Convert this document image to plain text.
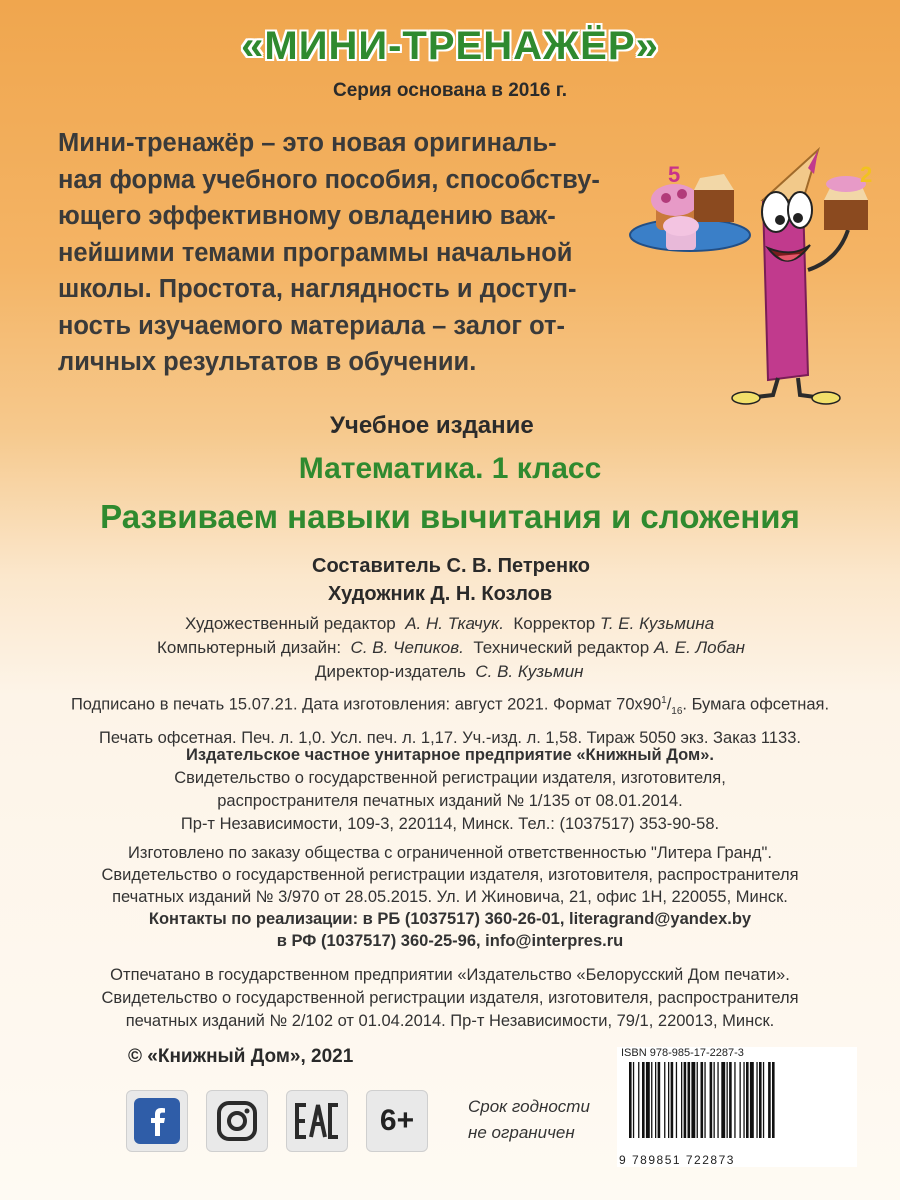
«МИНИ-ТРЕНАЖЁР»
Серия основана в 2016 г.
Мини-тренажёр – это новая оригиналь-
ная форма учебного пособия, способству-
ющего эффективному овладению важ-
нейшими темами программы начальной
школы. Простота, наглядность и доступ-
ность изучаемого материала – залог от-
личных результатов в обучении.
5	2
Учебное издание
Математика. 1 класс
Развиваем навыки вычитания и сложения
Составитель С. В. Петренко
Художник Д. Н. Козлов
Художественный редактор А. Н. Ткачук. Корректор Т. Е. Кузьмина
Компьютерный дизайн: С. В. Чепиков. Технический редактор А. Е. Лобан
Директор-издатель С. В. Кузьмин
Подписано в печать 15.07.21. Дата изготовления: август 2021. Формат $70х90^1/_{16}$. Бумага офсетная.
Печать офсетная. Печ. л. 1,0. Усл. печ. л. 1,17. Уч.-изд. л. 1,58. Тираж 5050 экз. Заказ 1133.
Издательское частное унитарное предприятие «Книжный Дом».
Свидетельство о государственной регистрации издателя, изготовителя,
распространителя печатных изданий № 1/135 от 08.01.2014.
Пр-т Независимости, 109-3, 220114, Минск. Тел.: (1037517) 353-90-58.
Изготовлено по заказу общества с ограниченной ответственностью "Литера Гранд".
Свидетельство о государственной регистрации издателя, изготовителя, распространителя
печатных изданий № 3/970 от 28.05.2015. Ул. И Жиновича, 21, офис 1Н, 220055, Минск.
Контакты по реализации: в РБ (1037517) 360-26-01, literagrand@yandex.by
в РФ (1037517) 360-25-96, info@interpres.ru
Отпечатано в государственном предприятии «Издательство «Белорусский Дом печати».
Свидетельство о государственной регистрации издателя, изготовителя, распространителя
печатных изданий № 2/102 от 01.04.2014. Пр-т Независимости, 79/1, 220013, Минск.
© «Книжный Дом», 2021
6+	Срок годности
не ограничен
ISBN 978-985-17-2287-3
9 789851 722873
